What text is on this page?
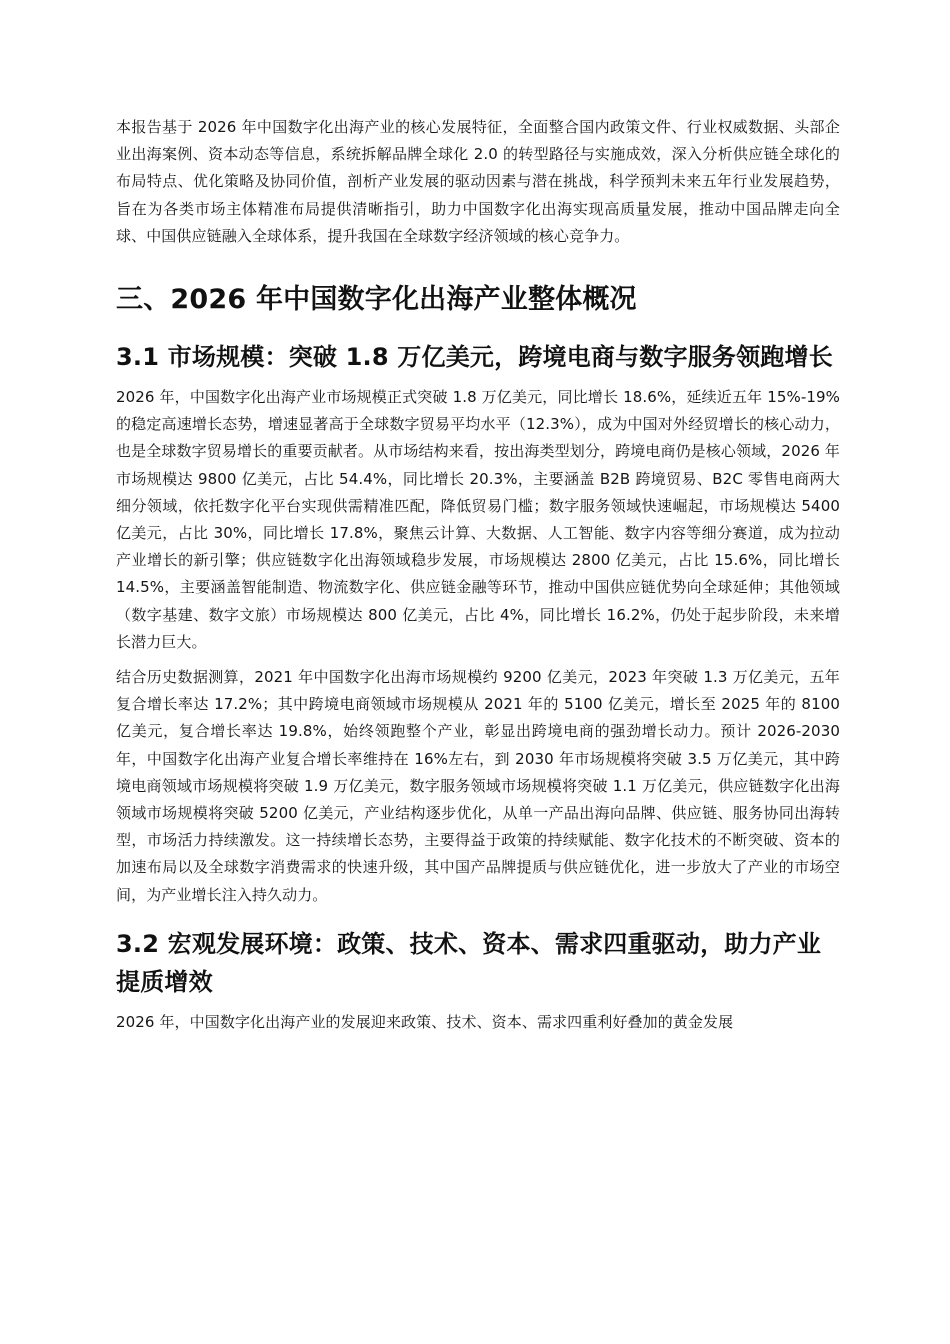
本报告基于 2026 年中国数字化出海产业的核心发展特征，全面整合国内政策文件、行业权威数据、头部企业出海案例、资本动态等信息，系统拆解品牌全球化 2.0 的转型路径与实施成效，深入分析供应链全球化的布局特点、优化策略及协同价值，剖析产业发展的驱动因素与潜在挑战，科学预判未来五年行业发展趋势，旨在为各类市场主体精准布局提供清晰指引，助力中国数字化出海实现高质量发展，推动中国品牌走向全球、中国供应链融入全球体系，提升我国在全球数字经济领域的核心竞争力。

三、2026 年中国数字化出海产业整体概况
3.1 市场规模：突破 1.8 万亿美元，跨境电商与数字服务领跑增长

2026 年，中国数字化出海产业市场规模正式突破 1.8 万亿美元，同比增长 18.6%，延续近五年 15%-19%的稳定高速增长态势，增速显著高于全球数字贸易平均水平（12.3%），成为中国对外经贸增长的核心动力，也是全球数字贸易增长的重要贡献者。从市场结构来看，按出海类型划分，跨境电商仍是核心领域，2026 年市场规模达 9800 亿美元，占比 54.4%，同比增长 20.3%，主要涵盖 B2B 跨境贸易、B2C 零售电商两大细分领域，依托数字化平台实现供需精准匹配，降低贸易门槛；数字服务领域快速崛起，市场规模达 5400 亿美元，占比 30%，同比增长 17.8%，聚焦云计算、大数据、人工智能、数字内容等细分赛道，成为拉动产业增长的新引擎；供应链数字化出海领域稳步发展，市场规模达 2800 亿美元，占比 15.6%，同比增长 14.5%，主要涵盖智能制造、物流数字化、供应链金融等环节，推动中国供应链优势向全球延伸；其他领域（数字基建、数字文旅）市场规模达 800 亿美元，占比 4%，同比增长 16.2%，仍处于起步阶段，未来增长潜力巨大。

结合历史数据测算，2021 年中国数字化出海市场规模约 9200 亿美元，2023 年突破 1.3 万亿美元，五年复合增长率达 17.2%；其中跨境电商领域市场规模从 2021 年的 5100 亿美元，增长至 2025 年的 8100 亿美元，复合增长率达 19.8%，始终领跑整个产业，彰显出跨境电商的强劲增长动力。预计 2026-2030 年，中国数字化出海产业复合增长率维持在 16%左右，到 2030 年市场规模将突破 3.5 万亿美元，其中跨境电商领域市场规模将突破 1.9 万亿美元，数字服务领域市场规模将突破 1.1 万亿美元，供应链数字化出海领域市场规模将突破 5200 亿美元，产业结构逐步优化，从单一产品出海向品牌、供应链、服务协同出海转型，市场活力持续激发。这一持续增长态势，主要得益于政策的持续赋能、数字化技术的不断突破、资本的加速布局以及全球数字消费需求的快速升级，其中国产品牌提质与供应链优化，进一步放大了产业的市场空间，为产业增长注入持久动力。

3.2 宏观发展环境：政策、技术、资本、需求四重驱动，助力产业提质增效

2026 年，中国数字化出海产业的发展迎来政策、技术、资本、需求四重利好叠加的黄金发展
